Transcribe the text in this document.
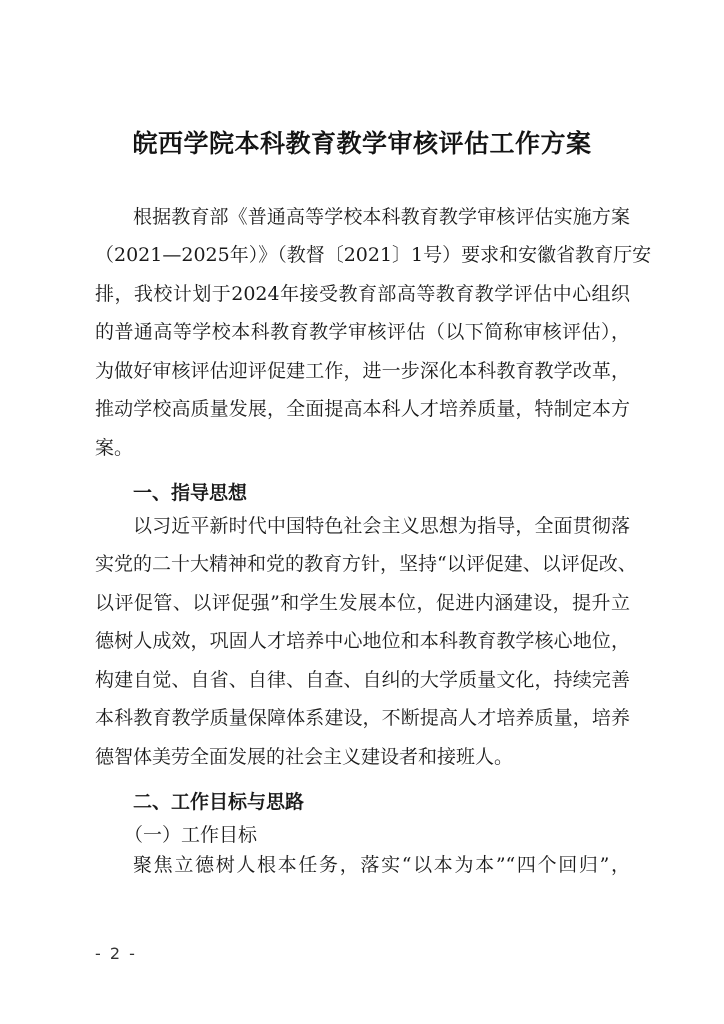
皖西学院本科教育教学审核评估工作方案
根据教育部《普通高等学校本科教育教学审核评估实施方案
（2021—2025年）》（教督〔2021〕1号）要求和安徽省教育厅安
排，我校计划于2024年接受教育部高等教育教学评估中心组织
的普通高等学校本科教育教学审核评估（以下简称审核评估），
为做好审核评估迎评促建工作，进一步深化本科教育教学改革，
推动学校高质量发展，全面提高本科人才培养质量，特制定本方
案。
一、指导思想
以习近平新时代中国特色社会主义思想为指导，全面贯彻落
实党的二十大精神和党的教育方针，坚持“以评促建、以评促改、
以评促管、以评促强”和学生发展本位，促进内涵建设，提升立
德树人成效，巩固人才培养中心地位和本科教育教学核心地位，
构建自觉、自省、自律、自查、自纠的大学质量文化，持续完善
本科教育教学质量保障体系建设，不断提高人才培养质量，培养
德智体美劳全面发展的社会主义建设者和接班人。
二、工作目标与思路
（一）工作目标
聚焦立德树人根本任务，落实“以本为本”“四个回归”，
- 2 -
